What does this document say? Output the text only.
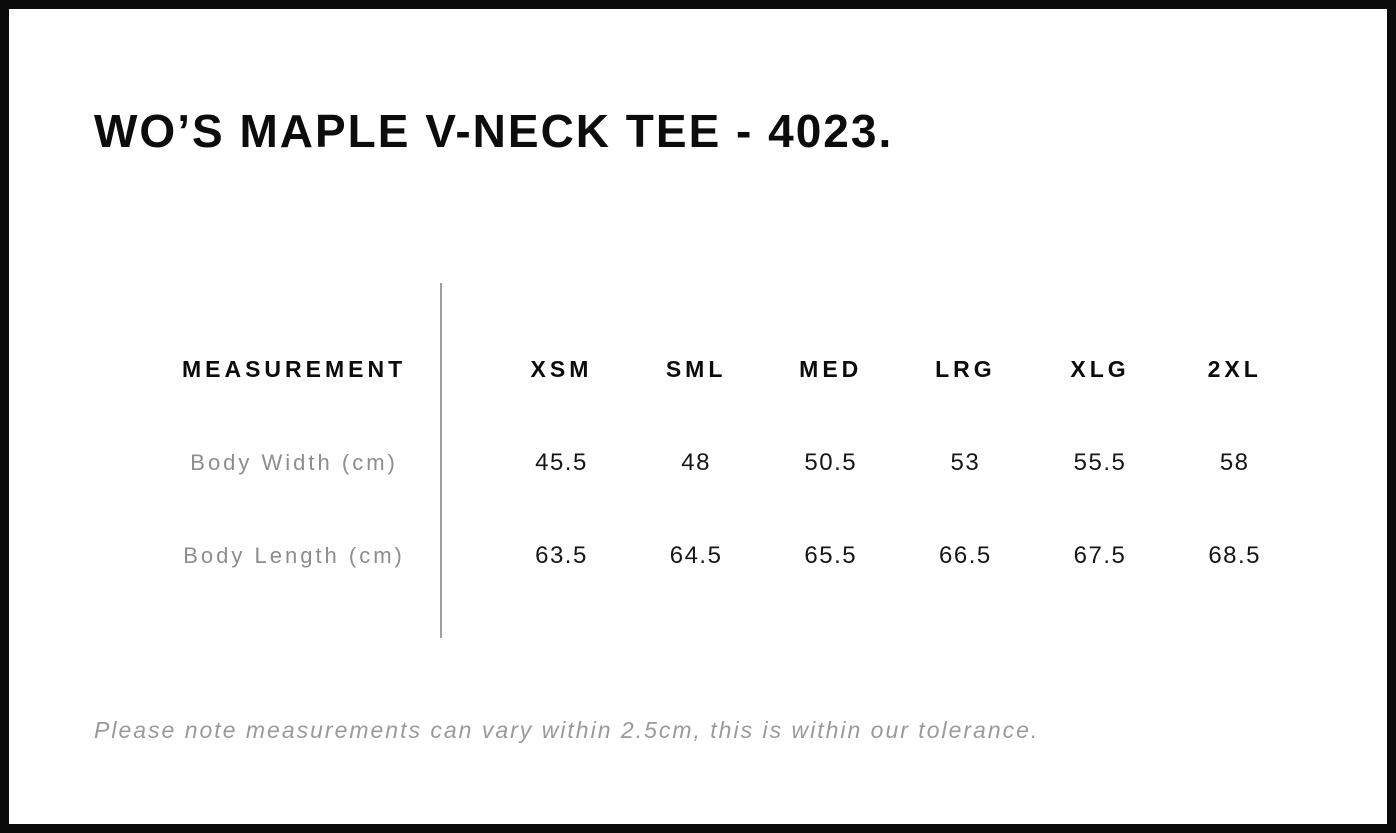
WO’S MAPLE V-NECK TEE - 4023.
MEASUREMENT	XSM	SML	MED	LRG	XLG	2XL
Body Width (cm)	45.5	48	50.5	53	55.5	58
Body Length (cm)	63.5	64.5	65.5	66.5	67.5	68.5

Please note measurements can vary within 2.5cm, this is within our tolerance.
